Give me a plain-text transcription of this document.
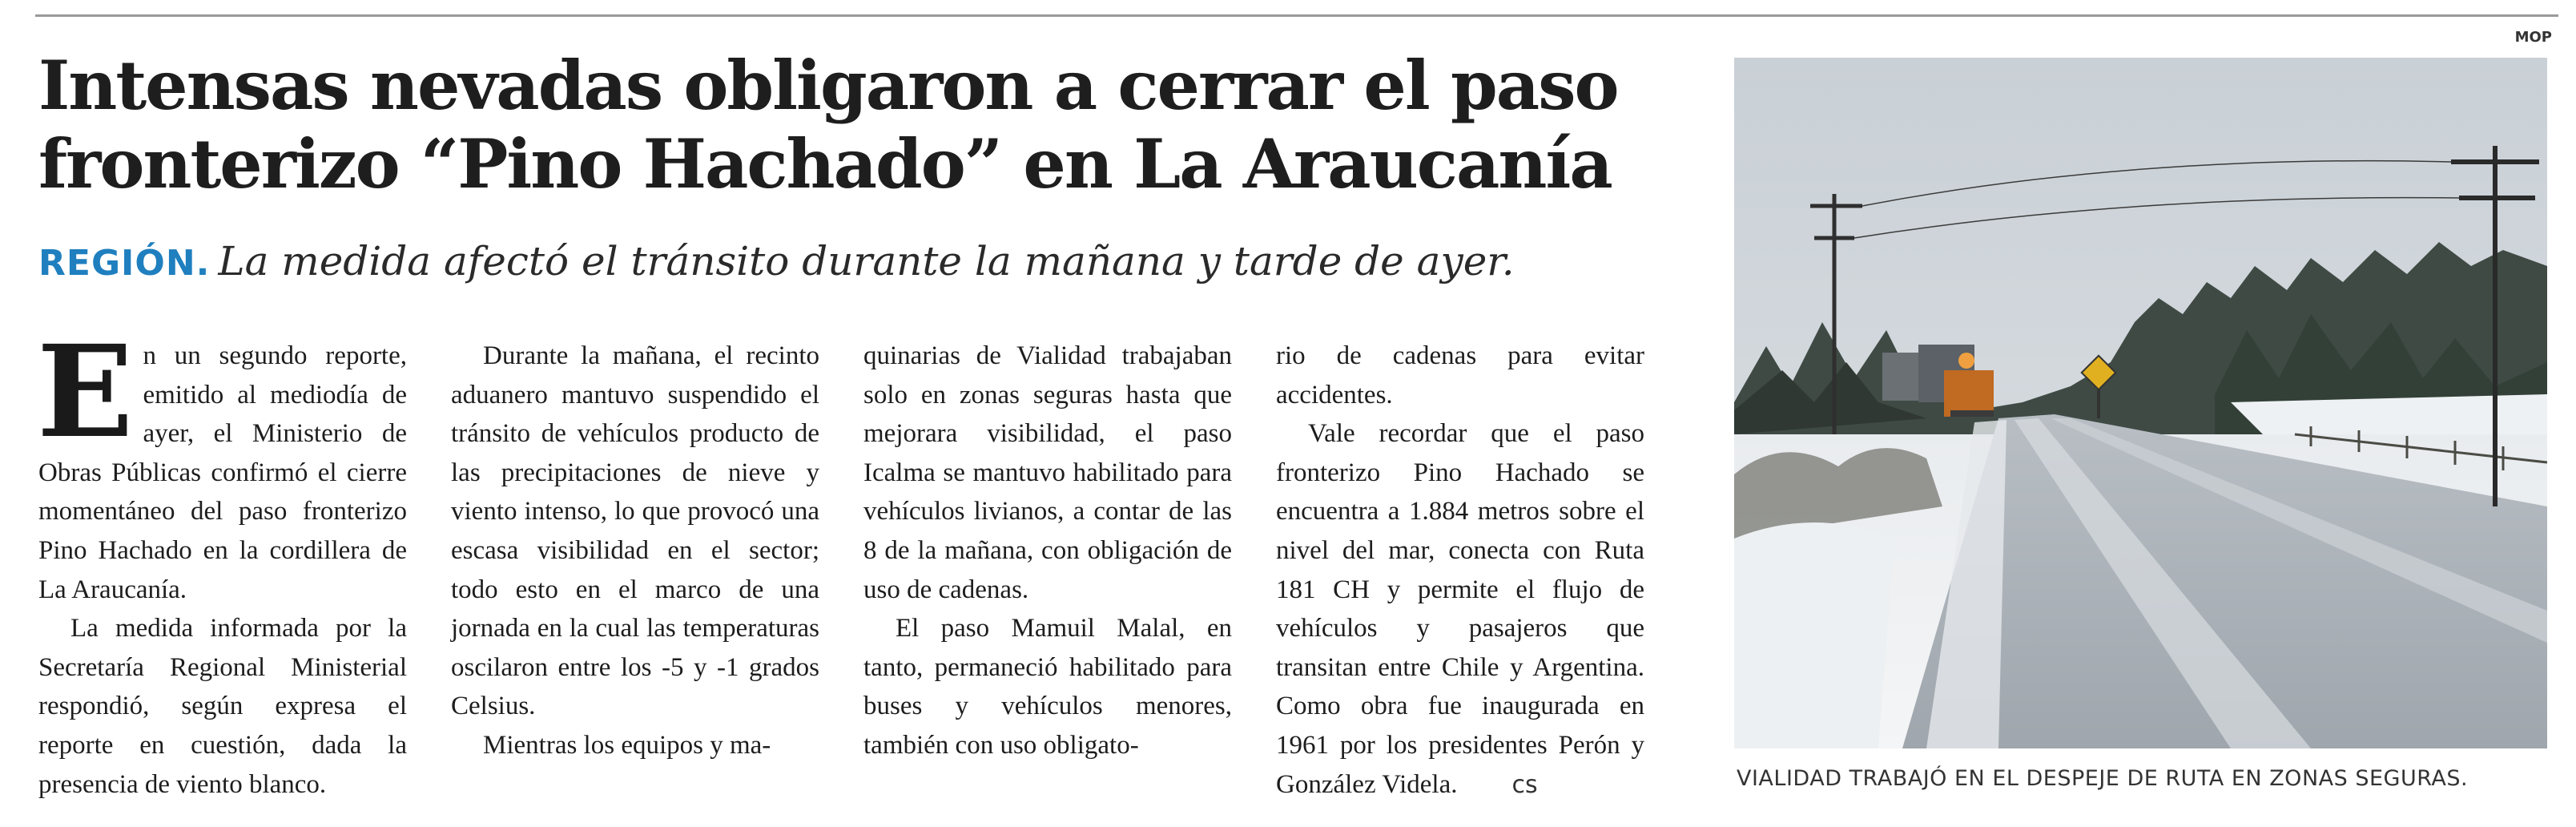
Intensas nevadas obligaron a cerrar el paso
fronterizo “Pino Hachado” en La Araucanía
REGIÓN. La medida afectó el tránsito durante la mañana y tarde de ayer.

En un segundo reporte, emitido al mediodía de ayer, el Ministerio de Obras Públicas confirmó el cierre momentáneo del paso fronterizo Pino Hachado en la cordillera de La Araucanía.

La medida informada por la Secretaría Regional Ministerial respondió, según expresa el reporte en cuestión, dada la presencia de viento blanco.

Durante la mañana, el recinto aduanero mantuvo suspendido el tránsito de vehículos producto de las precipitaciones de nieve y viento intenso, lo que provocó una escasa visibilidad en el sector; todo esto en el marco de una jornada en la cual las temperaturas oscilaron entre los -5 y -1 grados Celsius.

Mientras los equipos y ma-

quinarias de Vialidad trabajaban solo en zonas seguras hasta que mejorara visibilidad, el paso Icalma se mantuvo habilitado para vehículos livianos, a contar de las 8 de la mañana, con obligación de uso de cadenas.

El paso Mamuil Malal, en tanto, permaneció habilitado para buses y vehículos menores, también con uso obligato-

rio de cadenas para evitar accidentes.

Vale recordar que el paso fronterizo Pino Hachado se encuentra a 1.884 metros sobre el nivel del mar, conecta con Ruta 181 CH y permite el flujo de vehículos y pasajeros que transitan entre Chile y Argentina. Como obra fue inaugurada en 1961 por los presidentes Perón y González Videla. cs

MOP
VIALIDAD TRABAJÓ EN EL DESPEJE DE RUTA EN ZONAS SEGURAS.
